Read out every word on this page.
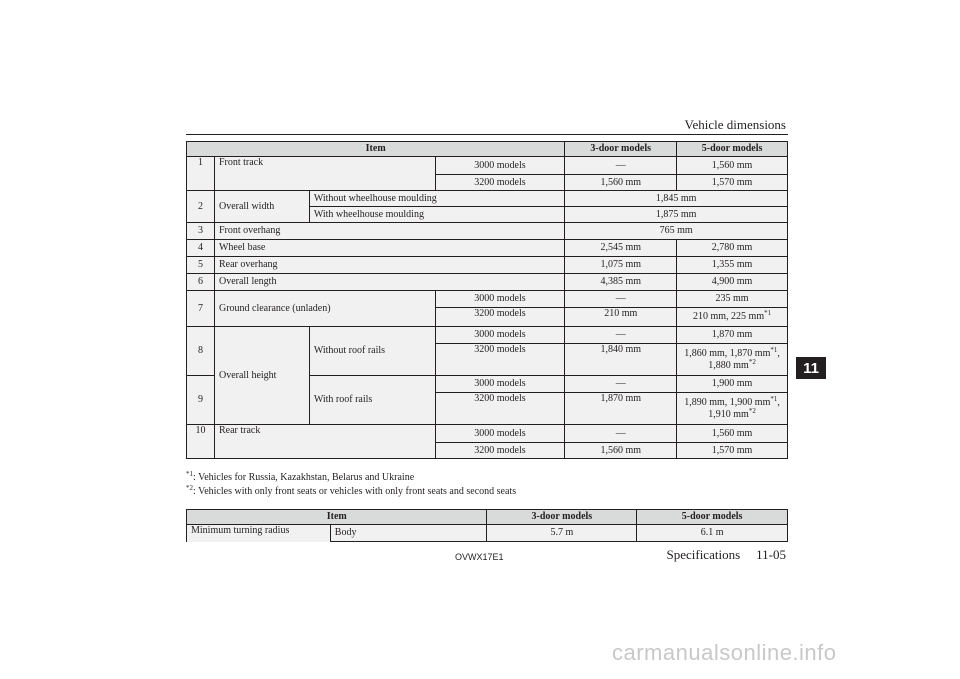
Vehicle dimensions
11
Item				3-door models	5-door models
1	Front track		3000 models	—	1,560 mm
			3200 models	1,560 mm	1,570 mm
2	Overall width	Without wheelhouse moulding		1,845 mm	
		With wheelhouse moulding		1,875 mm	
3	Front overhang			765 mm	
4	Wheel base			2,545 mm	2,780 mm
5	Rear overhang			1,075 mm	1,355 mm
6	Overall length			4,385 mm	4,900 mm
7	Ground clearance (unladen)		3000 models	—	235 mm
			3200 models	210 mm	210 mm, 225 $mm^{*1}$
8	Overall height	Without roof rails	3000 models	—	1,870 mm
			3200 models	1,840 mm	1,860 mm, 1,870 $mm^{*1}$,
1,880 $mm^{*2}$
9		With roof rails	3000 models	—	1,900 mm
			3200 models	1,870 mm	1,890 mm, 1,900 $mm^{*1}$,
1,910 $mm^{*2}$
10	Rear track		3000 models	—	1,560 mm
			3200 models	1,560 mm	1,570 mm
$^{*1}$: Vehicles for Russia, Kazakhstan, Belarus and Ukraine
$^{*2}$: Vehicles with only front seats or vehicles with only front seats and second seats
Item		3-door models	5-door models
Minimum turning radius	Body	5.7 m	6.1 m
OVWX17E1	Specifications 11-05
carmanualsonline.info
